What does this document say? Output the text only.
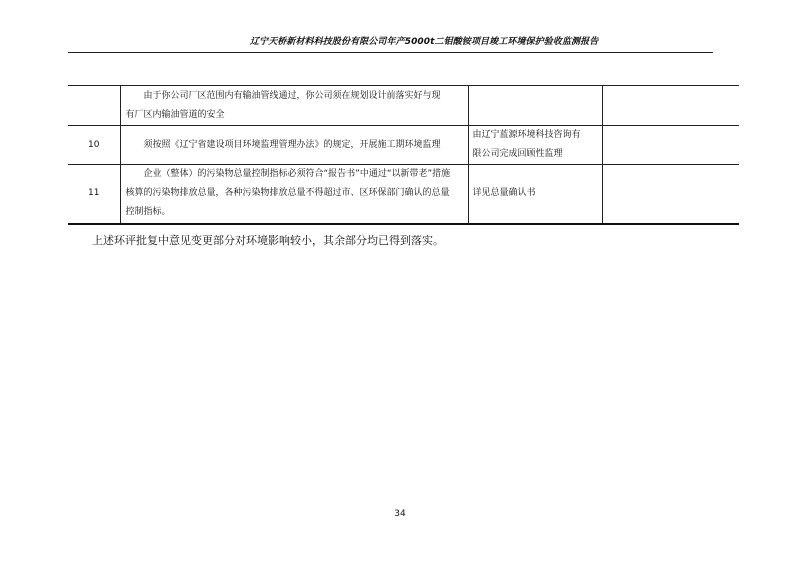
辽宁天桥新材料科技股份有限公司年产5000t二钼酸铵项目竣工环境保护验收监测报告

	由于你公司厂区范围内有输油管线通过，你公司须在规划设计前落实好与现
有厂区内输油管道的安全		

10	须按照《辽宁省建设项目环境监理管理办法》的规定，开展施工期环境监理	由辽宁蓝源环境科技咨询有
限公司完成回顾性监理	

11	企业（整体）的污染物总量控制指标必须符合“报告书”中通过“以新带老”措施
核算的污染物排放总量，各种污染物排放总量不得超过市、区环保部门确认的总量
控制指标。	详见总量确认书	

上述环评批复中意见变更部分对环境影响较小，其余部分均已得到落实。
34
